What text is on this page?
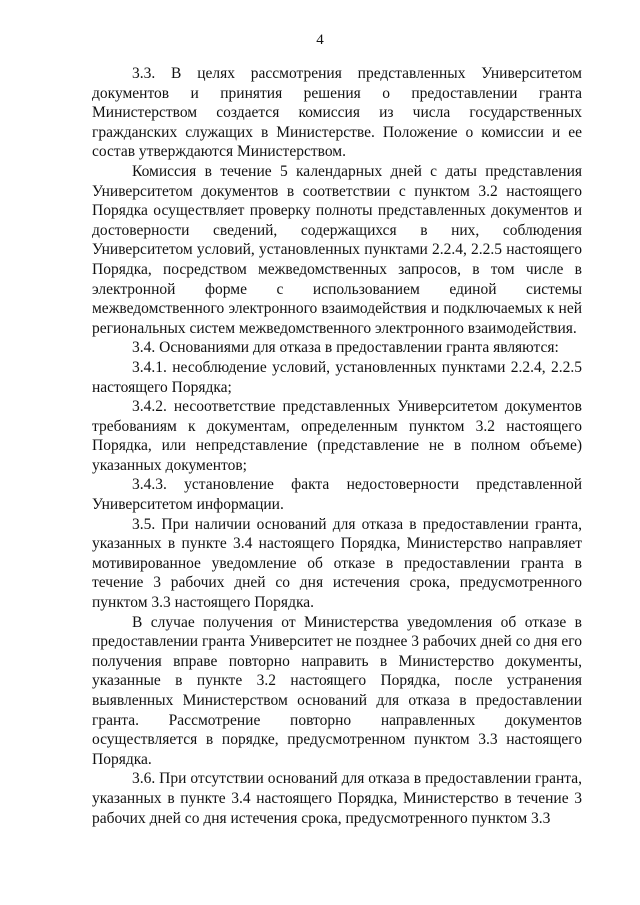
4

3.3. В целях рассмотрения представленных Университетом документов и принятия решения о предоставлении гранта Министерством создается комиссия из числа государственных гражданских служащих в Министерстве. Положение о комиссии и ее состав утверждаются Министерством.

Комиссия в течение 5 календарных дней с даты представления Университетом документов в соответствии с пунктом 3.2 настоящего Порядка осуществляет проверку полноты представленных документов и достоверности сведений, содержащихся в них, соблюдения Университетом условий, установленных пунктами 2.2.4, 2.2.5 настоящего Порядка, посредством межведомственных запросов, в том числе в электронной форме с использованием единой системы межведомственного электронного взаимодействия и подключаемых к ней региональных систем межведомственного электронного взаимодействия.

3.4. Основаниями для отказа в предоставлении гранта являются:

3.4.1. несоблюдение условий, установленных пунктами 2.2.4, 2.2.5 настоящего Порядка;

3.4.2. несоответствие представленных Университетом документов требованиям к документам, определенным пунктом 3.2 настоящего Порядка, или непредставление (представление не в полном объеме) указанных документов;

3.4.3. установление факта недостоверности представленной Университетом информации.

3.5. При наличии оснований для отказа в предоставлении гранта, указанных в пункте 3.4 настоящего Порядка, Министерство направляет мотивированное уведомление об отказе в предоставлении гранта в течение 3 рабочих дней со дня истечения срока, предусмотренного пунктом 3.3 настоящего Порядка.

В случае получения от Министерства уведомления об отказе в предоставлении гранта Университет не позднее 3 рабочих дней со дня его получения вправе повторно направить в Министерство документы, указанные в пункте 3.2 настоящего Порядка, после устранения выявленных Министерством оснований для отказа в предоставлении гранта. Рассмотрение повторно направленных документов осуществляется в порядке, предусмотренном пунктом 3.3 настоящего Порядка.

3.6. При отсутствии оснований для отказа в предоставлении гранта, указанных в пункте 3.4 настоящего Порядка, Министерство в течение 3 рабочих дней со дня истечения срока, предусмотренного пунктом 3.3
